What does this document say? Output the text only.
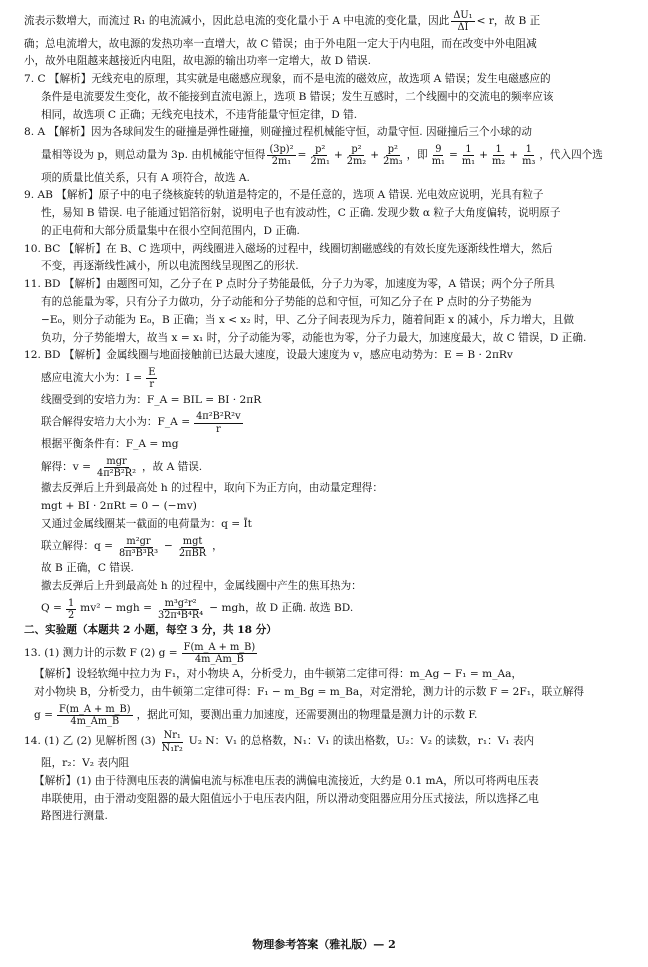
流表示数增大，而流过 R₁ 的电流减小，因此总电流的变化量小于 A 中电流的变化量，因此 $\frac{\text{ΔU₁}}{\Delta I} < r$，故 B 正

确；总电流增大，故电源的发热功率一直增大，故 C 错误；由于外电阻一定大于内电阻，而在改变中外电阻减

小，故外电阻越来越接近内电阻，故电源的输出功率一定增大，故 D 错误.

7. C 【解析】无线充电的原理，其实就是电磁感应现象，而不是电流的磁效应，故选项 A 错误；发生电磁感应的

条件是电流要发生变化，故不能接到直流电源上，选项 B 错误；发生互感时，二个线圈中的交流电的频率应该

相同，故选项 C 正确；无线充电技术，不违背能量守恒定律，D 错.

8. A 【解析】因为各球间发生的碰撞是弹性碰撞，则碰撞过程机械能守恒，动量守恒. 因碰撞后三个小球的动

量相等设为 p，则总动量为 3p. 由机械能守恒得 $\frac{\text{(3p)²}}{\text{2m₁}} = \frac{\text{p²}}{\text{2m₁}} + \frac{\text{p²}}{\text{2m₂}} + \frac{\text{p²}}{\text{2m₃}}$ ，即 $\frac{9}{\text{m₁}} = \frac{1}{\text{m₁}} + \frac{1}{\text{m₂}} + \frac{1}{\text{m₃}}$ ，代入四个选

项的质量比值关系，只有 A 项符合，故选 A.

9. AB 【解析】原子中的电子绕核旋转的轨道是特定的，不是任意的，选项 A 错误. 光电效应说明，光具有粒子

性，易知 B 错误. 电子能通过铝箔衍射，说明电子也有波动性，C 正确. 发现少数 α 粒子大角度偏转，说明原子

的正电荷和大部分质量集中在很小空间范围内，D 正确.

10. BC 【解析】在 B、C 选项中，两线圈进入磁场的过程中，线圈切割磁感线的有效长度先逐渐线性增大，然后

不变，再逐渐线性减小，所以电流图线呈现图乙的形状.

11. BD 【解析】由题图可知，乙分子在 P 点时分子势能最低，分子力为零，加速度为零，A 错误；两个分子所具

有的总能量为零，只有分子力做功，分子动能和分子势能的总和守恒，可知乙分子在 P 点时的分子势能为

−E₀，则分子动能为 E₀，B 正确；当 x < x₂ 时，甲、乙分子间表现为斥力，随着间距 x 的减小，斥力增大，且做

负功，分子势能增大，故当 x = x₁ 时，分子动能为零，动能也为零，分子力最大，加速度最大，故 C 错误，D 正确.

12. BD 【解析】金属线圈与地面接触前已达最大速度，设最大速度为 v，感应电动势为：E = B · 2πRv

感应电流大小为：$I = \frac{E}{r}$

线圈受到的安培力为：F_A = BIL = BI · 2πR

联合解得安培力大小为：F_A = $\frac{\text{4π²B²R²v}}{r}$

根据平衡条件有：F_A = mg

解得：$v = \frac{\text{mgr}}{\text{4π²B²R²}}$ ，故 A 错误.

撤去反弹后上升到最高处 h 的过程中，取向下为正方向，由动量定理得：

mgt + BI · 2πRt = 0 − (−mv)

又通过金属线圈某一截面的电荷量为：q = Īt

联立解得：$q = \frac{\text{m²gr}}{\text{8π³B³R³}} - \frac{\text{mgt}}{\text{2πBR}}$ ，

故 B 正确，C 错误.

撤去反弹后上升到最高处 h 的过程中，金属线圈中产生的焦耳热为：

$Q = \frac{1}{2} mv^2$ − mgh = $\frac{\text{m³g²r²}}{\text{32π⁴B⁴R⁴}}$ − mgh，故 D 正确. 故选 BD.

二、实验题（本题共 2 小题，每空 3 分，共 18 分）

13. (1) 测力计的示数 F (2) $g = \frac{F(m\_A + m\_B)}{4m\_Am\_B}$

【解析】设轻软绳中拉力为 F₁，对小物块 A，分析受力，由牛顿第二定律可得：m_Ag − F₁ = m_Aa，

对小物块 B，分析受力，由牛顿第二定律可得：F₁ − m_Bg = m_Ba，对定滑轮，测力计的示数 F = 2F₁，联立解得

$g = \frac{F(m\_A + m\_B)}{4m\_Am\_B}$ ，据此可知，要测出重力加速度，还需要测出的物理量是测力计的示数 F.
14. (1) 乙 (2) 见解析图 $(3) \frac{\text{Nr₁}}{\text{N₁r₂}} U_2$ N：V₁ 的总格数，N₁：V₁ 的读出格数，U₂：V₂ 的读数，r₁：V₁ 表内

阻，r₂：V₂ 表内阻

【解析】(1) 由于待测电压表的满偏电流与标准电压表的满偏电流接近，大约是 0.1 mA，所以可将两电压表

串联使用，由于滑动变阻器的最大阻值远小于电压表内阻，所以滑动变阻器应用分压式接法，所以选择乙电

路图进行测量.

物理参考答案（雅礼版）— 2
